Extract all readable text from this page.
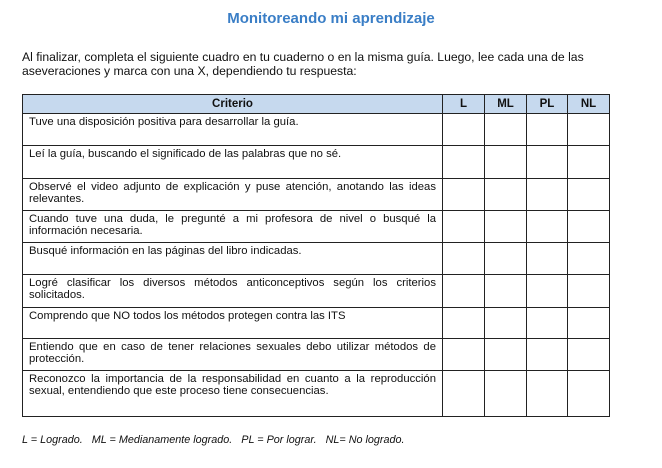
Monitoreando mi aprendizaje

Al finalizar, completa el siguiente cuadro en tu cuaderno o en la misma guía. Luego, lee cada una de las aseveraciones y marca con una X, dependiendo tu respuesta:

Criterio	L	ML	PL	NL
Tuve una disposición positiva para desarrollar la guía.				
Leí la guía, buscando el significado de las palabras que no sé.				
Observé el video adjunto de explicación y puse atención, anotando las ideas relevantes.				
Cuando tuve una duda, le pregunté a mi profesora de nivel o busqué la información necesaria.				
Busqué información en las páginas del libro indicadas.				
Logré clasificar los diversos métodos anticonceptivos según los criterios solicitados.				
Comprendo que NO todos los métodos protegen contra las ITS				
Entiendo que en caso de tener relaciones sexuales debo utilizar métodos de protección.				
Reconozco la importancia de la responsabilidad en cuanto a la reproducción sexual, entendiendo que este proceso tiene consecuencias.				

L = Logrado.   ML = Medianamente logrado.   PL = Por lograr.   NL= No logrado.
